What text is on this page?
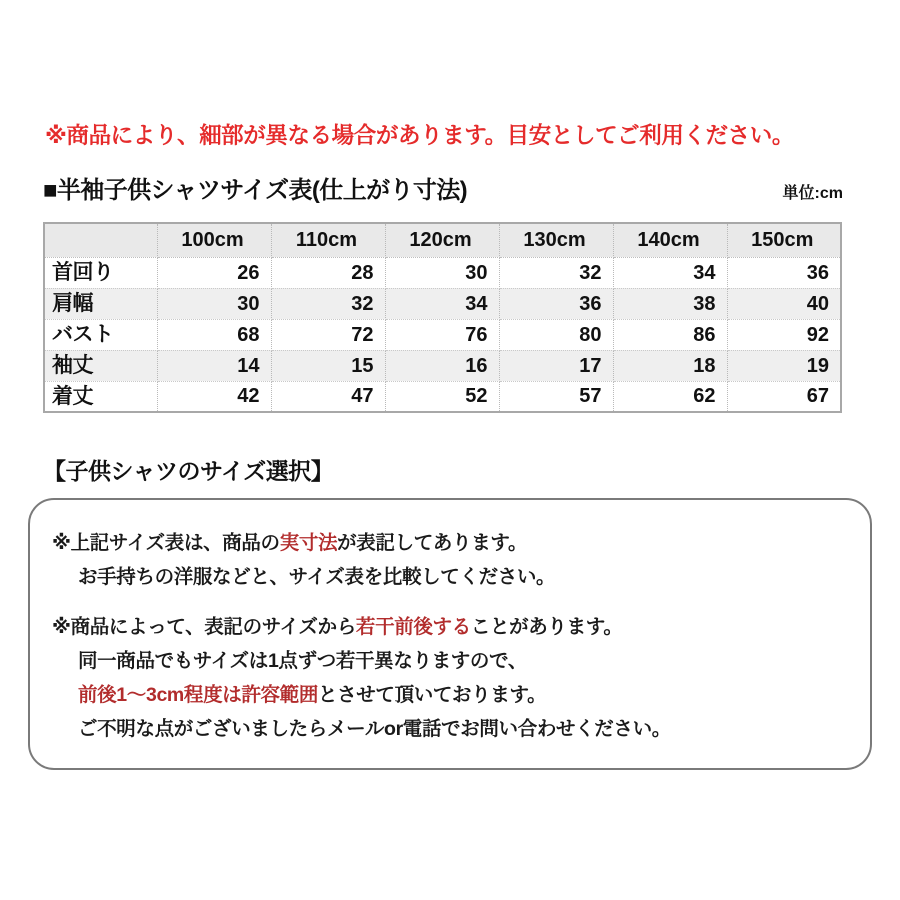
※商品により、細部が異なる場合があります。目安としてご利用ください。
■半袖子供シャツサイズ表(仕上がり寸法)	単位:cm
	100cm	110cm	120cm	130cm	140cm	150cm
首回り	26	28	30	32	34	36
肩幅	30	32	34	36	38	40
バスト	68	72	76	80	86	92
袖丈	14	15	16	17	18	19
着丈	42	47	52	57	62	67
【子供シャツのサイズ選択】
※上記サイズ表は、商品の実寸法が表記してあります。
お手持ちの洋服などと、サイズ表を比較してください。
※商品によって、表記のサイズから若干前後することがあります。
同一商品でもサイズは1点ずつ若干異なりますので、
前後1〜3cm程度は許容範囲とさせて頂いております。
ご不明な点がございましたらメールor電話でお問い合わせください。
